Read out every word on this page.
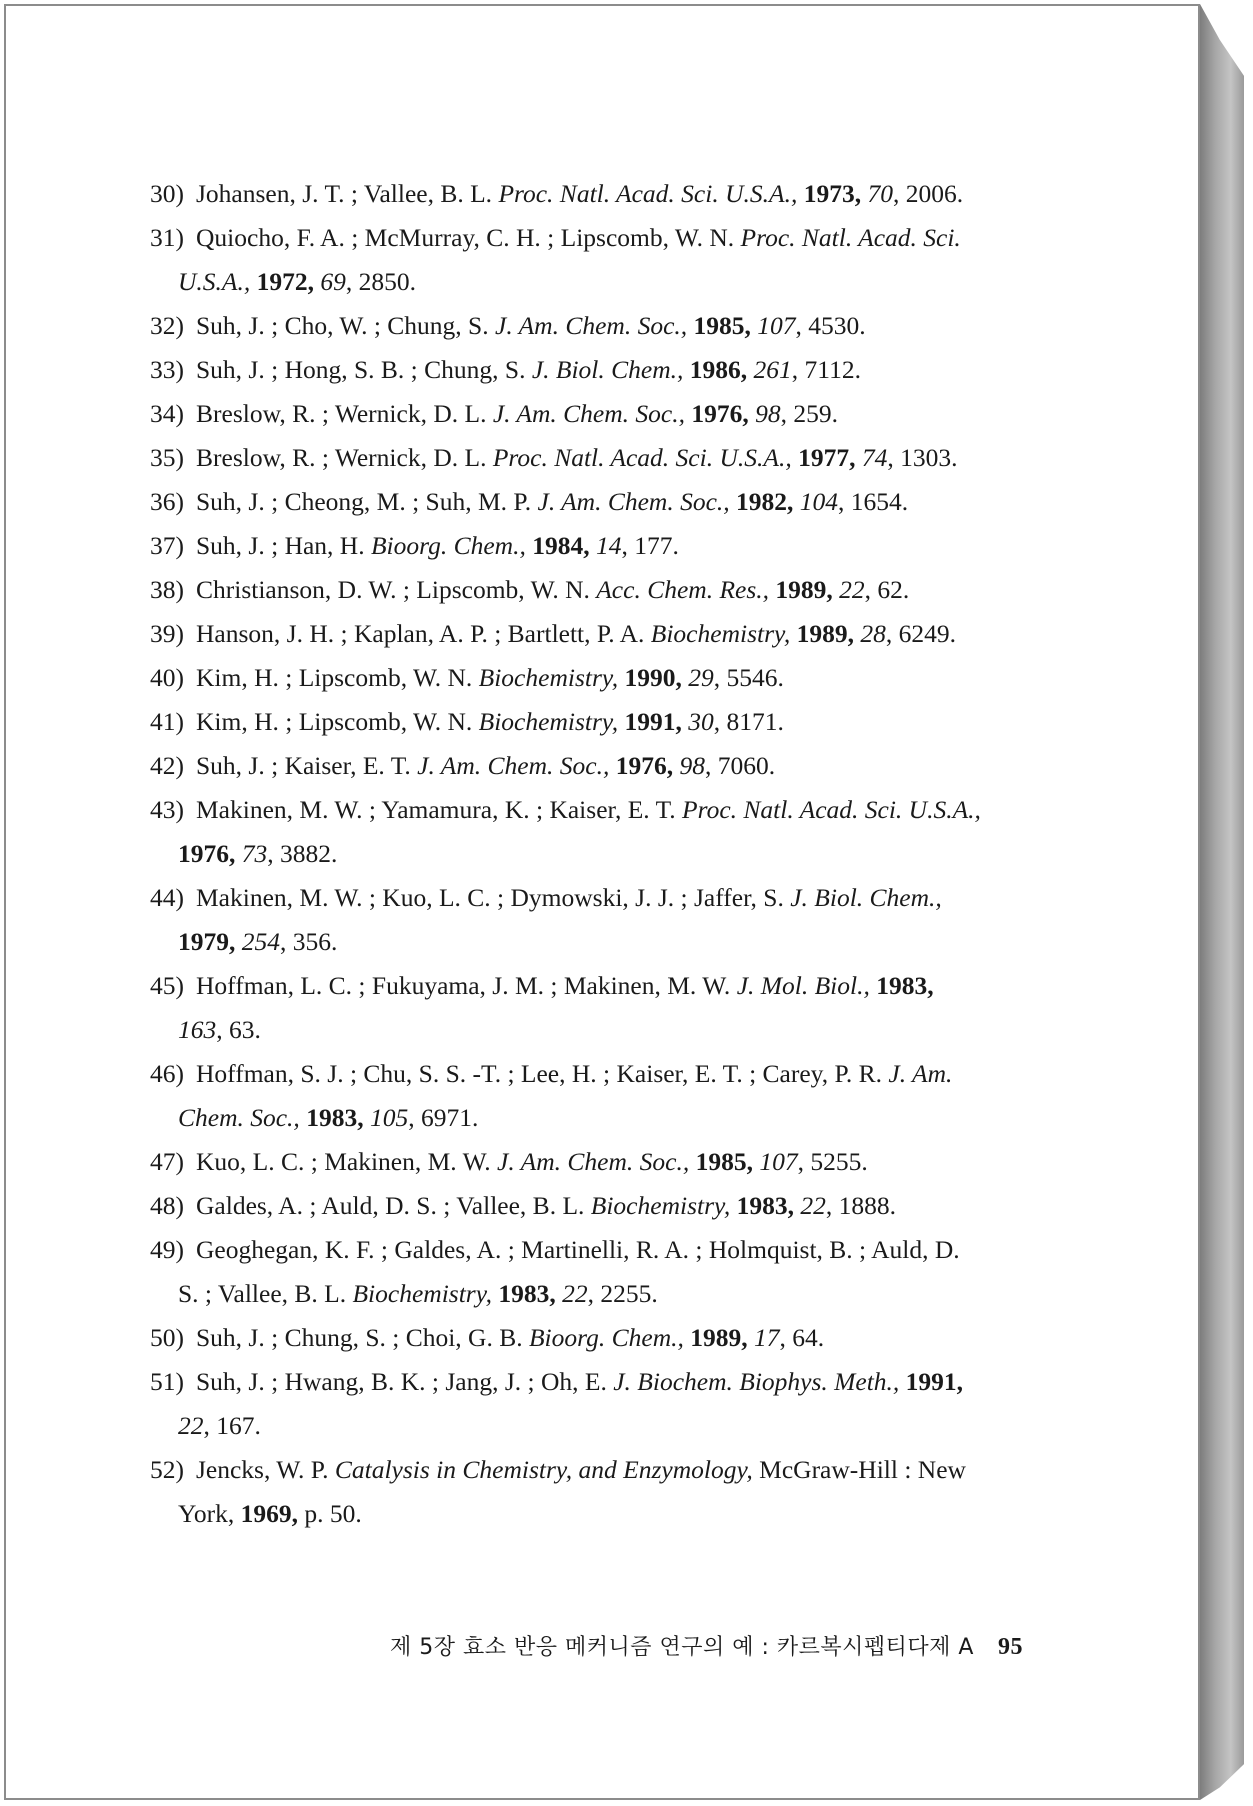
30) Johansen, J. T. ; Vallee, B. L. Proc. Natl. Acad. Sci. U.S.A., 1973, 70, 2006.
31) Quiocho, F. A. ; McMurray, C. H. ; Lipscomb, W. N. Proc. Natl. Acad. Sci.
U.S.A., 1972, 69, 2850.
32) Suh, J. ; Cho, W. ; Chung, S. J. Am. Chem. Soc., 1985, 107, 4530.
33) Suh, J. ; Hong, S. B. ; Chung, S. J. Biol. Chem., 1986, 261, 7112.
34) Breslow, R. ; Wernick, D. L. J. Am. Chem. Soc., 1976, 98, 259.
35) Breslow, R. ; Wernick, D. L. Proc. Natl. Acad. Sci. U.S.A., 1977, 74, 1303.
36) Suh, J. ; Cheong, M. ; Suh, M. P. J. Am. Chem. Soc., 1982, 104, 1654.
37) Suh, J. ; Han, H. Bioorg. Chem., 1984, 14, 177.
38) Christianson, D. W. ; Lipscomb, W. N. Acc. Chem. Res., 1989, 22, 62.
39) Hanson, J. H. ; Kaplan, A. P. ; Bartlett, P. A. Biochemistry, 1989, 28, 6249.
40) Kim, H. ; Lipscomb, W. N. Biochemistry, 1990, 29, 5546.
41) Kim, H. ; Lipscomb, W. N. Biochemistry, 1991, 30, 8171.
42) Suh, J. ; Kaiser, E. T. J. Am. Chem. Soc., 1976, 98, 7060.
43) Makinen, M. W. ; Yamamura, K. ; Kaiser, E. T. Proc. Natl. Acad. Sci. U.S.A.,
1976, 73, 3882.
44) Makinen, M. W. ; Kuo, L. C. ; Dymowski, J. J. ; Jaffer, S. J. Biol. Chem.,
1979, 254, 356.
45) Hoffman, L. C. ; Fukuyama, J. M. ; Makinen, M. W. J. Mol. Biol., 1983,
163, 63.
46) Hoffman, S. J. ; Chu, S. S. -T. ; Lee, H. ; Kaiser, E. T. ; Carey, P. R. J. Am.
Chem. Soc., 1983, 105, 6971.
47) Kuo, L. C. ; Makinen, M. W. J. Am. Chem. Soc., 1985, 107, 5255.
48) Galdes, A. ; Auld, D. S. ; Vallee, B. L. Biochemistry, 1983, 22, 1888.
49) Geoghegan, K. F. ; Galdes, A. ; Martinelli, R. A. ; Holmquist, B. ; Auld, D.
S. ; Vallee, B. L. Biochemistry, 1983, 22, 2255.
50) Suh, J. ; Chung, S. ; Choi, G. B. Bioorg. Chem., 1989, 17, 64.
51) Suh, J. ; Hwang, B. K. ; Jang, J. ; Oh, E. J. Biochem. Biophys. Meth., 1991,
22, 167.
52) Jencks, W. P. Catalysis in Chemistry, and Enzymology, McGraw-Hill : New
York, 1969, p. 50.
제 5장 효소 반응 메커니즘 연구의 예 : 카르복시펩티다제 A 95
